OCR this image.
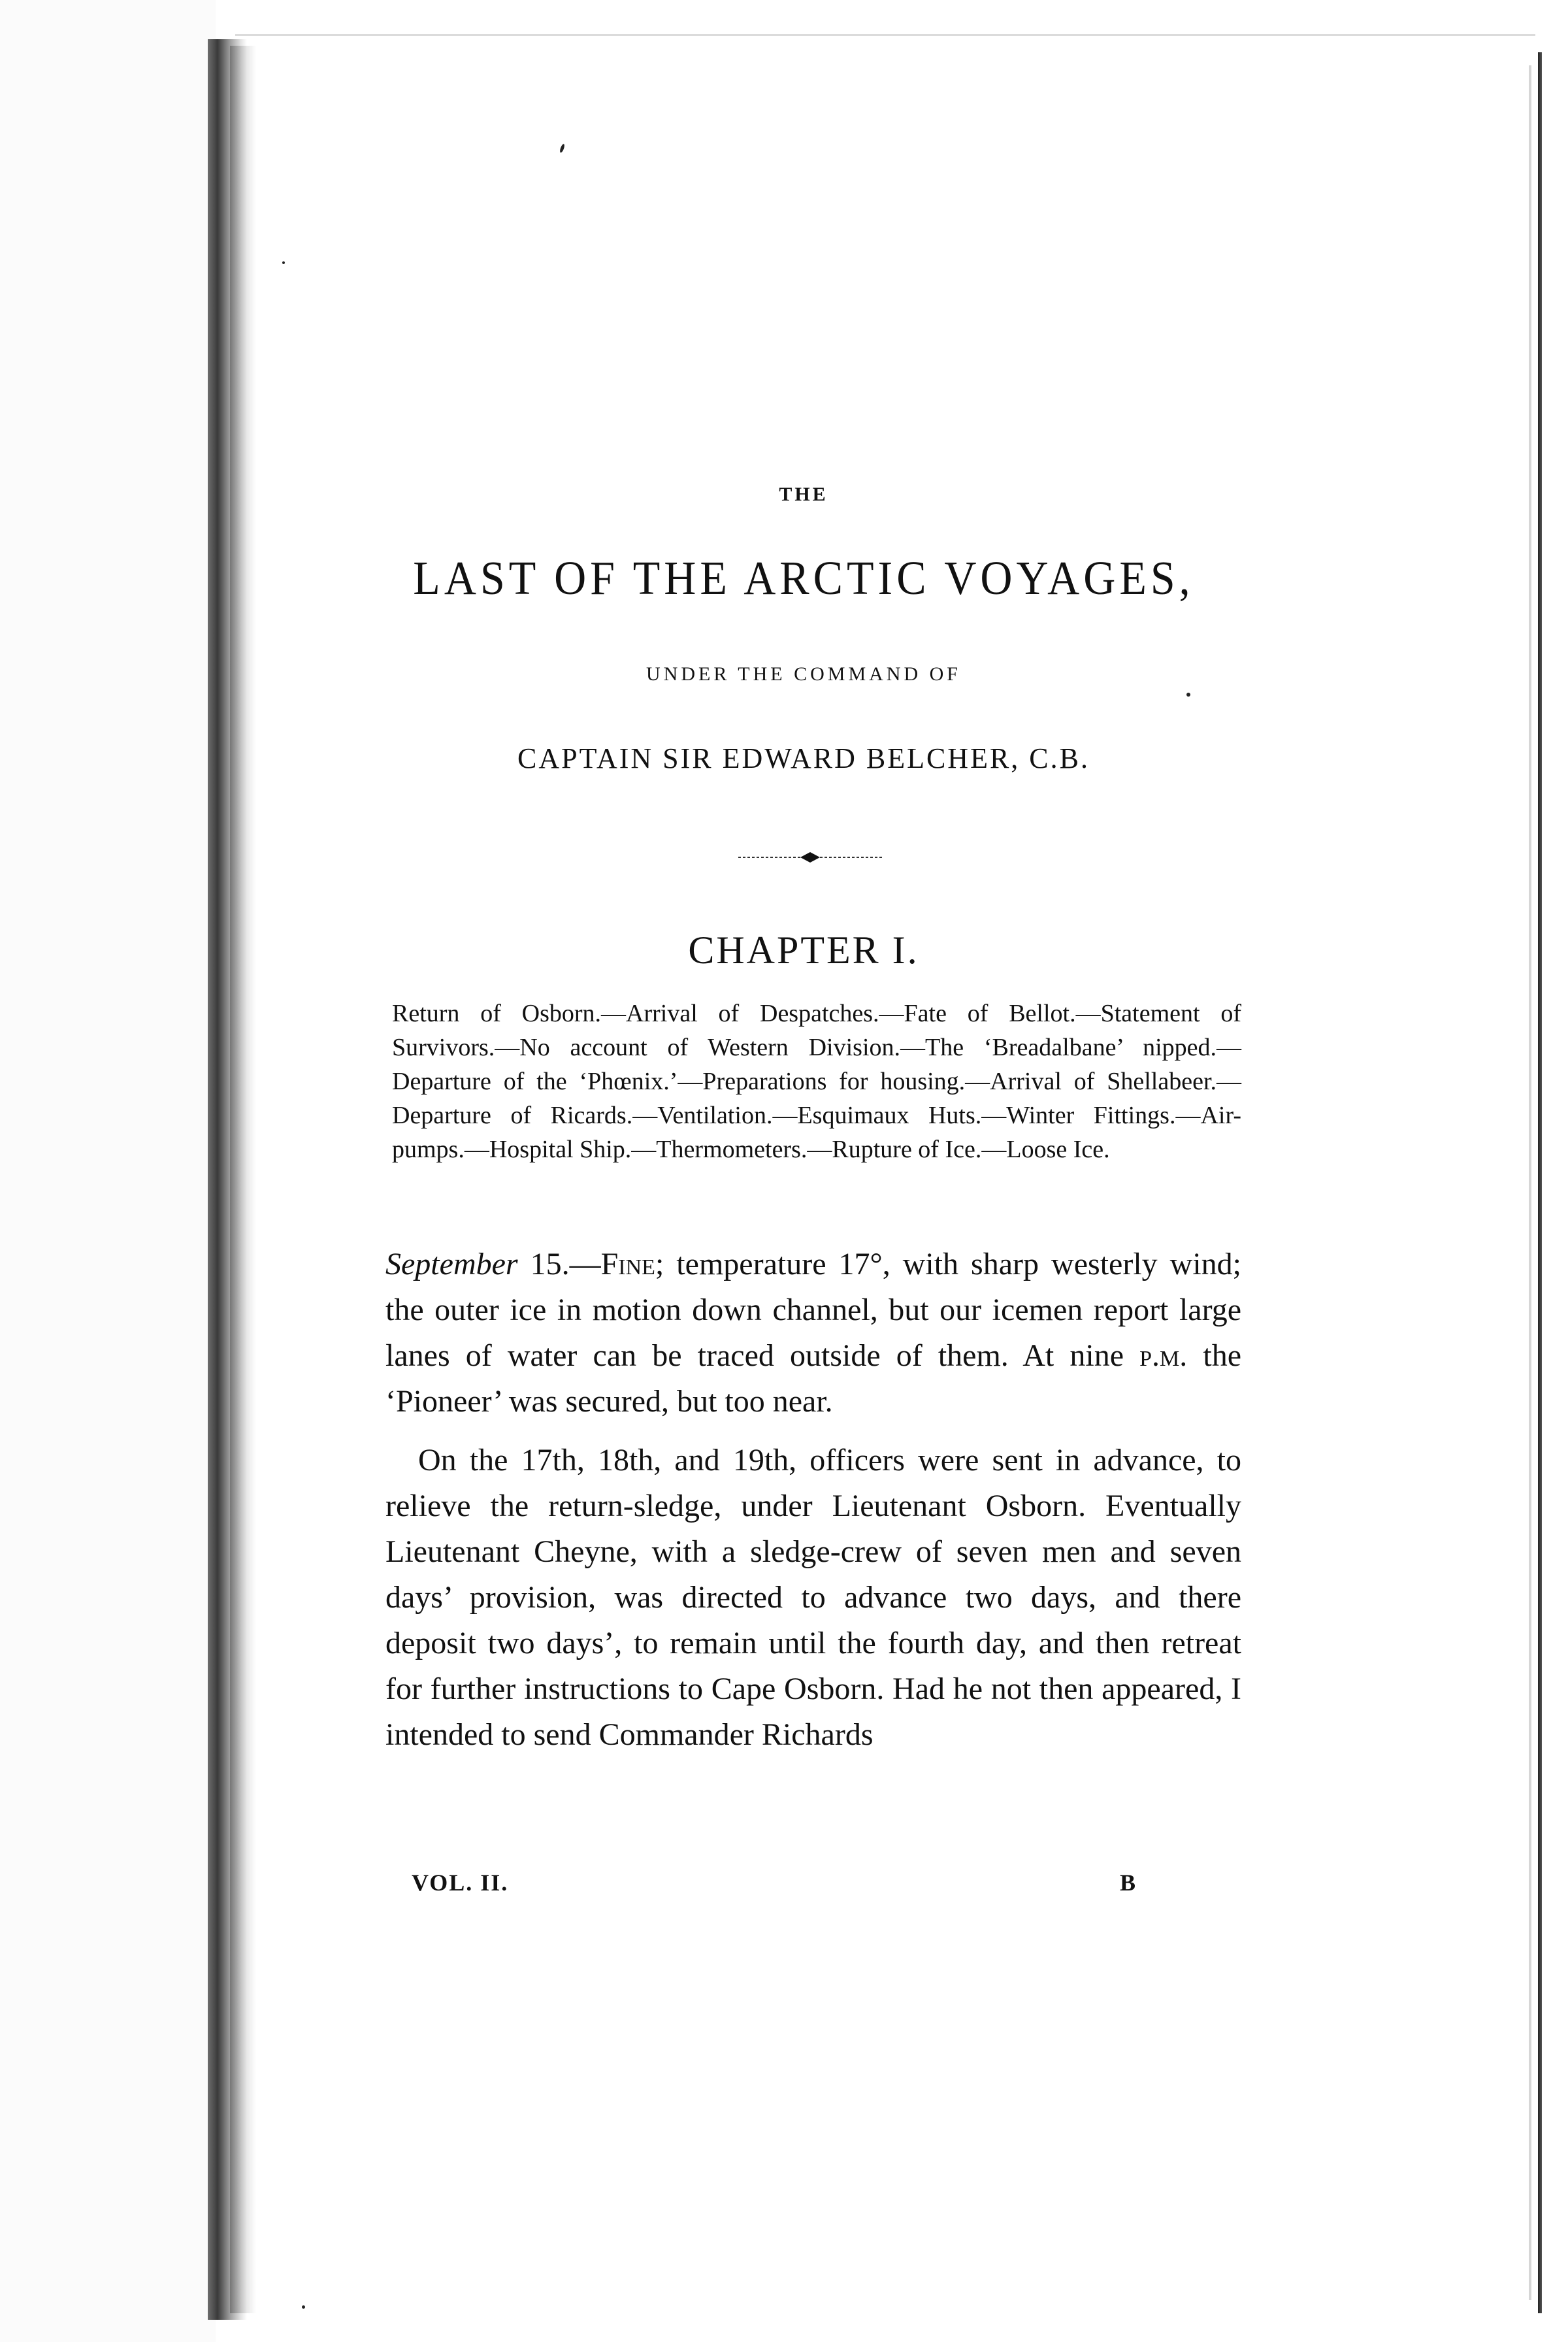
THE
LAST OF THE ARCTIC VOYAGES,
UNDER THE COMMAND OF
CAPTAIN SIR EDWARD BELCHER, C.B.
CHAPTER I.
Return of Osborn.—Arrival of Despatches.—Fate of Bellot.—Statement of Survivors.—No account of Western Division.—The ‘Breadalbane’ nipped.—Departure of the ‘Phœnix.’—Preparations for housing.—Arrival of Shellabeer.—Departure of Ricards.—Ventilation.—Esquimaux Huts.—Winter Fittings.—Air-pumps.—Hospital Ship.—Thermometers.—Rupture of Ice.—Loose Ice.

September 15.—Fine; temperature 17°, with sharp westerly wind; the outer ice in motion down channel, but our icemen report large lanes of water can be traced outside of them. At nine p.m. the ‘Pioneer’ was secured, but too near.

On the 17th, 18th, and 19th, officers were sent in advance, to relieve the return-sledge, under Lieutenant Osborn. Eventually Lieutenant Cheyne, with a sledge-crew of seven men and seven days’ provision, was directed to advance two days, and there deposit two days’, to remain until the fourth day, and then retreat for further instructions to Cape Osborn. Had he not then appeared, I intended to send Commander Richards

VOL. II.	B
